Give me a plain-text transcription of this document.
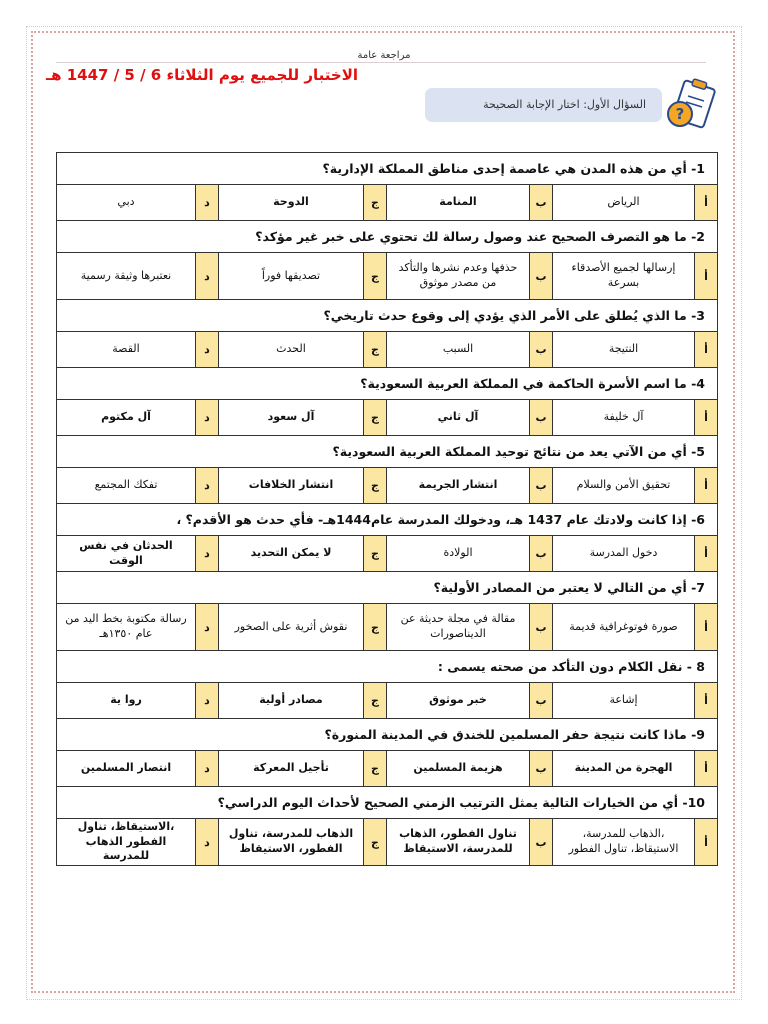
مراجعة عامة
الاختبار للجميع يوم الثلاثاء 6 / 5 / 1447 هـ
السؤال الأول: اختار الإجابة الصحيحة
?
1- أي من هذه المدن هي عاصمة إحدى مناطق المملكة الإدارية؟							
أ	الرياض	ب	المنامة	ج	الدوحة	د	دبي
2- ما هو التصرف الصحيح عند وصول رسالة لك تحتوي على خبر غير مؤكد؟							
أ	إرسالها لجميع الأصدقاء بسرعة	ب	حذفها وعدم نشرها والتأكد من مصدر موثوق	ج	تصديقها فوراً	د	نعتبرها وثيقة رسمية
3- ما الذي يُطلق على الأمر الذي يؤدي إلى وقوع حدث تاريخي؟							
أ	النتيجة	ب	السبب	ج	الحدث	د	القصة
4- ما اسم الأسرة الحاكمة في المملكة العربية السعودية؟							
أ	آل خليفة	ب	آل ثاني	ج	آل سعود	د	آل مكتوم
5- أي من الآتي يعد من نتائج توحيد المملكة العربية السعودية؟							
أ	تحقيق الأمن والسلام	ب	انتشار الجريمة	ج	انتشار الخلافات	د	تفكك المجتمع
6- إذا كانت ولادتك عام 1437 هـ، ودخولك المدرسة عام1444هـ- فأي حدث هو الأقدم؟ ،							
أ	دخول المدرسة	ب	الولادة	ج	لا يمكن التحديد	د	الحدثان في نفس الوقت
7- أي من التالي لا يعتبر من المصادر الأولية؟							
أ	صورة فوتوغرافية قديمة	ب	مقالة في مجلة حديثة عن الديناصورات	ج	نقوش أثرية على الصخور	د	رسالة مكتوبة بخط اليد من عام ١٣٥٠هـ
8 - نقل الكلام دون التأكد من صحته يسمى :							
أ	إشاعة	ب	خبر موثوق	ج	مصادر أولية	د	روا ية
9- ماذا كانت نتيجة حفر المسلمين للخندق في المدينة المنورة؟							
أ	الهجرة من المدينة	ب	هزيمة المسلمين	ج	تأجيل المعركة	د	انتصار المسلمين
10- أي من الخيارات التالية يمثل الترتيب الزمني الصحيح لأحداث اليوم الدراسي؟							
أ	،الذهاب للمدرسة، الاستيقاظ، تناول الفطور	ب	تناول الفطور، الذهاب للمدرسة، الاستيقاظ	ج	الذهاب للمدرسة، تناول الفطور، الاستيقاظ	د	،الاستيقاظ، تناول الفطور الذهاب للمدرسة
